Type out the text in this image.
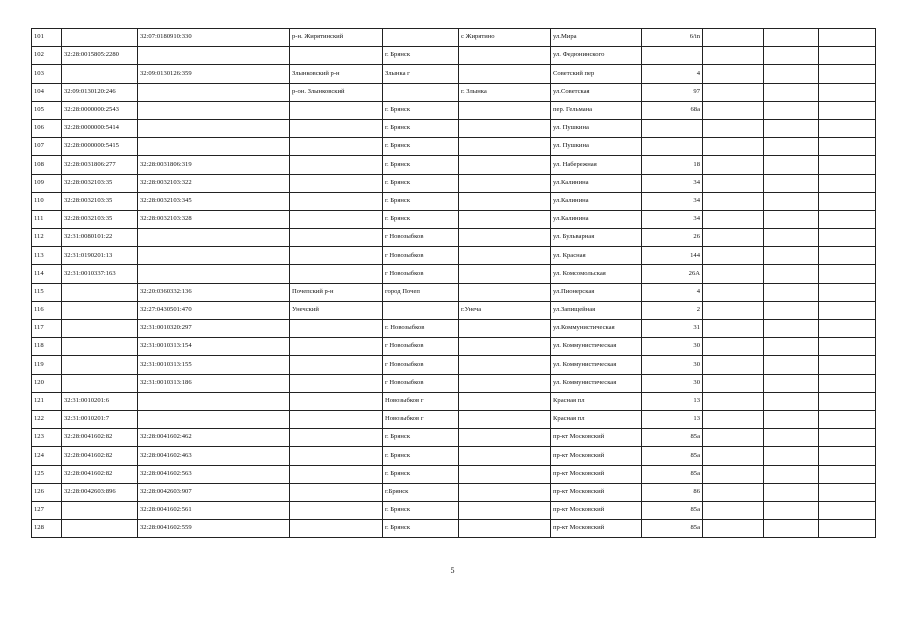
101		32:07:0180910:330	р-н. Жирятинский		с Жирятино	ул.Мира	6/in			
102	32:28:0015805:2280			г. Брянск		ул. Федюнинского				
103		32:09:0130126:359	Злынковский р-н	Злынка г		Советский пер	4			
104	32:09:0130120:246		р-он. Злынковский		г. Злынка	ул.Советская	97			
105	32:28:0000000:2543			г. Брянск		пер. Гельмана	68а			
106	32:28:0000000:5414			г. Брянск		ул. Пушкина				
107	32:28:0000000:5415			г. Брянск		ул. Пушкина				
108	32:28:0031806:277	32:28:0031806:319		г. Брянск		ул. Набережная	18			
109	32:28:0032103:35	32:28:0032103:322		г. Брянск		ул.Калинина	34			
110	32:28:0032103:35	32:28:0032103:345		г. Брянск		ул.Калинина	34			
111	32:28:0032103:35	32:28:0032103:328		г. Брянск		ул.Калинина	34			
112	32:31:0080101:22			г Новозыбков		ул. Бульварная	26			
113	32:31:0190201:13			г Новозыбков		ул. Красная	144			
114	32:31:0010337:163			г Новозыбков		ул. Комсомольская	26А			
115		32:20:0360332:136	Почепский р-н	город Почеп		ул.Пионерская	4			
116		32:27:0430501:470	Унечский		г.Унеча	ул.Запищейная	2			
117		32:31:0010320:297		г. Новозыбков		ул.Коммунистическая	31			
118		32:31:0010313:154		г Новозыбков		ул. Коммунистическая	30			
119		32:31:0010313:155		г Новозыбков		ул. Коммунистическая	30			
120		32:31:0010313:186		г Новозыбков		ул. Коммунистическая	30			
121	32:31:0010201:6			Новозыбков г		Красная пл	13			
122	32:31:0010201:7			Новозыбков г		Красная пл	13			
123	32:28:0041602:82	32:28:0041602:462		г. Брянск		пр-кт Московский	85а			
124	32:28:0041602:82	32:28:0041602:463		г. Брянск		пр-кт Московский	85а			
125	32:28:0041602:82	32:28:0041602:563		г. Брянск		пр-кт Московский	85а			
126	32:28:0042603:896	32:28:0042603:907		г.Брянск		пр-кт Московский	86			
127		32:28:0041602:561		г. Брянск		пр-кт Московский	85а			
128		32:28:0041602:559		г. Брянск		пр-кт Московский	85а			
5
